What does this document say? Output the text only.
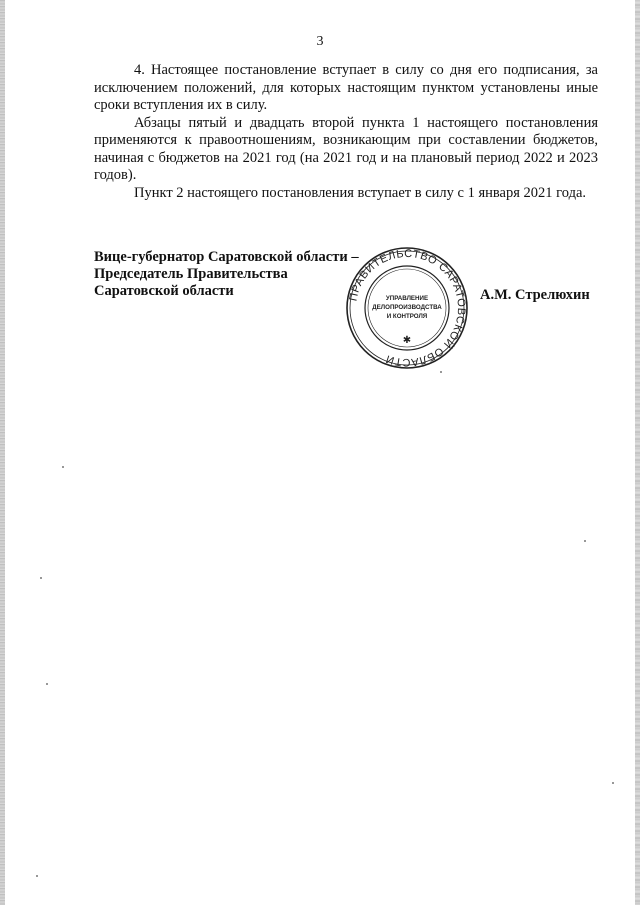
3

4. Настоящее постановление вступает в силу со дня его подписания, за исключением положений, для которых настоящим пунктом установлены иные сроки вступления их в силу.

Абзацы пятый и двадцать второй пункта 1 настоящего постановления применяются к правоотношениям, возникающим при составлении бюджетов, начиная с бюджетов на 2021 год (на 2021 год и на плановый период 2022 и 2023 годов).

Пункт 2 настоящего постановления вступает в силу с 1 января 2021 года.

Вице-губернатор Саратовской области –
Председатель Правительства
Саратовской области	ПРАВИТЕЛЬСТВО САРАТОВСКОЙ ОБЛАСТИ
УПРАВЛЕНИЕ
ДЕЛОПРОИЗВОДСТВА
И КОНТРОЛЯ
✱
А.М. Стрелюхин
